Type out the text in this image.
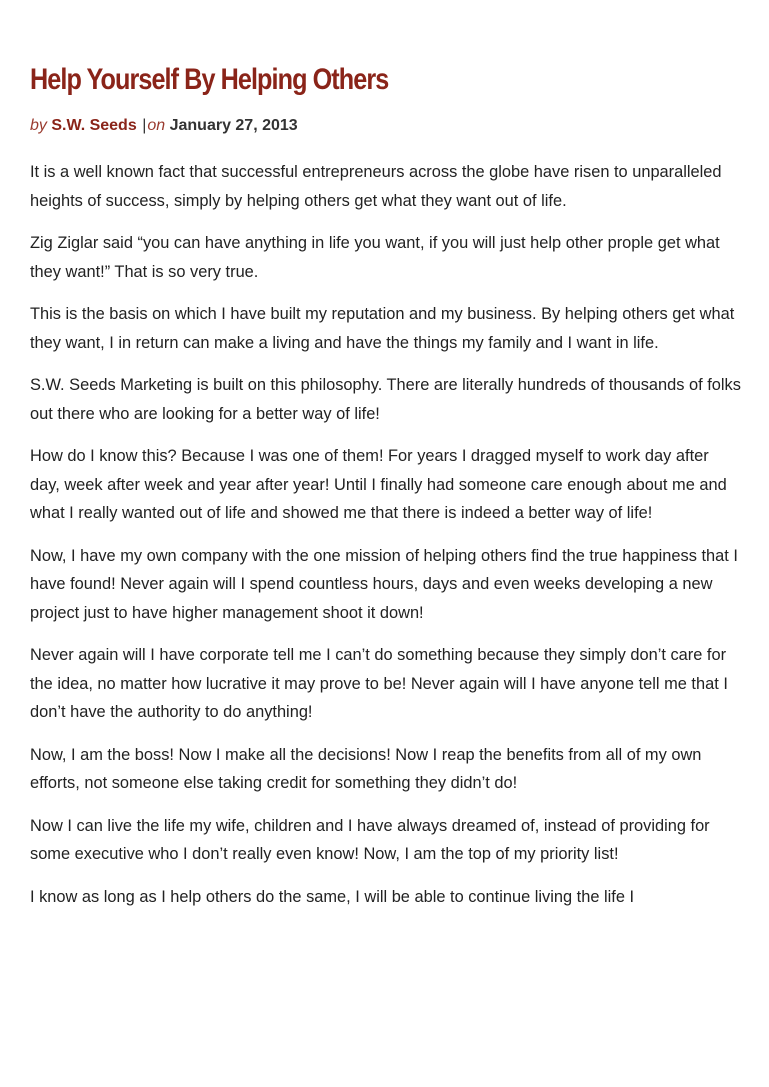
Help Yourself By Helping Others
by S.W. Seeds |on January 27, 2013

It is a well known fact that successful entrepreneurs across the globe have risen to unparalleled heights of success, simply by helping others get what they want out of life.

Zig Ziglar said “you can have anything in life you want, if you will just help other prople get what they want!” That is so very true.

This is the basis on which I have built my reputation and my business. By helping others get what they want, I in return can make a living and have the things my family and I want in life.

S.W. Seeds Marketing is built on this philosophy. There are literally hundreds of thousands of folks out there who are looking for a better way of life!

How do I know this? Because I was one of them! For years I dragged myself to work day after day, week after week and year after year! Until I finally had someone care enough about me and what I really wanted out of life and showed me that there is indeed a better way of life!

Now, I have my own company with the one mission of helping others find the true happiness that I have found! Never again will I spend countless hours, days and even weeks developing a new project just to have higher management shoot it down!

Never again will I have corporate tell me I can’t do something because they simply don’t care for the idea, no matter how lucrative it may prove to be! Never again will I have anyone tell me that I don’t have the authority to do anything!

Now, I am the boss! Now I make all the decisions! Now I reap the benefits from all of my own efforts, not someone else taking credit for something they didn’t do!

Now I can live the life my wife, children and I have always dreamed of, instead of providing for some executive who I don’t really even know! Now, I am the top of my priority list!

I know as long as I help others do the same, I will be able to continue living the life I
